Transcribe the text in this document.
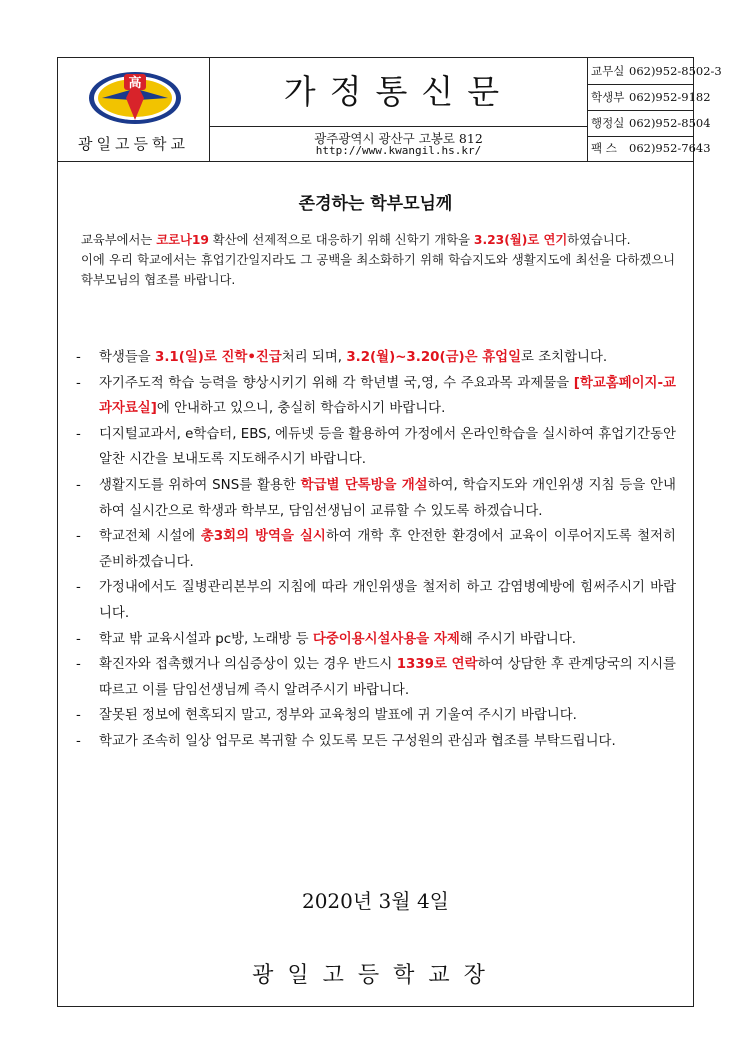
高
광일고등학교
가정통신문
광주광역시 광산구 고봉로 812
http://www.kwangil.hs.kr/
교무실 062)952-8502-3
학생부 062)952-9182
행정실 062)952-8504
팩 스 062)952-7643
존경하는 학부모님께

교육부에서는 코로나19 확산에 선제적으로 대응하기 위해 신학기 개학을 3.23(월)로 연기하였습니다.

이에 우리 학교에서는 휴업기간일지라도 그 공백을 최소화하기 위해 학습지도와 생활지도에 최선을 다하겠으니 학부모님의 협조를 바랍니다.

- 학생들을 3.1(일)로 진학•진급처리 되며, 3.2(월)~3.20(금)은 휴업일로 조치합니다.
- 자기주도적 학습 능력을 향상시키기 위해 각 학년별 국,영, 수 주요과목 과제물을 [학교홈페이지-교과자료실]에 안내하고 있으니, 충실히 학습하시기 바랍니다.
- 디지털교과서, e학습터, EBS, 에듀넷 등을 활용하여 가정에서 온라인학습을 실시하여 휴업기간동안 알찬 시간을 보내도록 지도해주시기 바랍니다.
- 생활지도를 위하여 SNS를 활용한 학급별 단톡방을 개설하여, 학습지도와 개인위생 지침 등을 안내하여 실시간으로 학생과 학부모, 담임선생님이 교류할 수 있도록 하겠습니다.
- 학교전체 시설에 총3회의 방역을 실시하여 개학 후 안전한 환경에서 교육이 이루어지도록 철저히 준비하겠습니다.
- 가정내에서도 질병관리본부의 지침에 따라 개인위생을 철저히 하고 감염병예방에 힘써주시기 바랍니다.
- 학교 밖 교육시설과 pc방, 노래방 등 다중이용시설사용을 자제해 주시기 바랍니다.
- 확진자와 접촉했거나 의심증상이 있는 경우 반드시 1339로 연락하여 상담한 후 관계당국의 지시를 따르고 이를 담임선생님께 즉시 알려주시기 바랍니다.
- 잘못된 정보에 현혹되지 말고, 정부와 교육청의 발표에 귀 기울여 주시기 바랍니다.
- 학교가 조속히 일상 업무로 복귀할 수 있도록 모든 구성원의 관심과 협조를 부탁드립니다.
2020년 3월 4일
광일고등학교장
